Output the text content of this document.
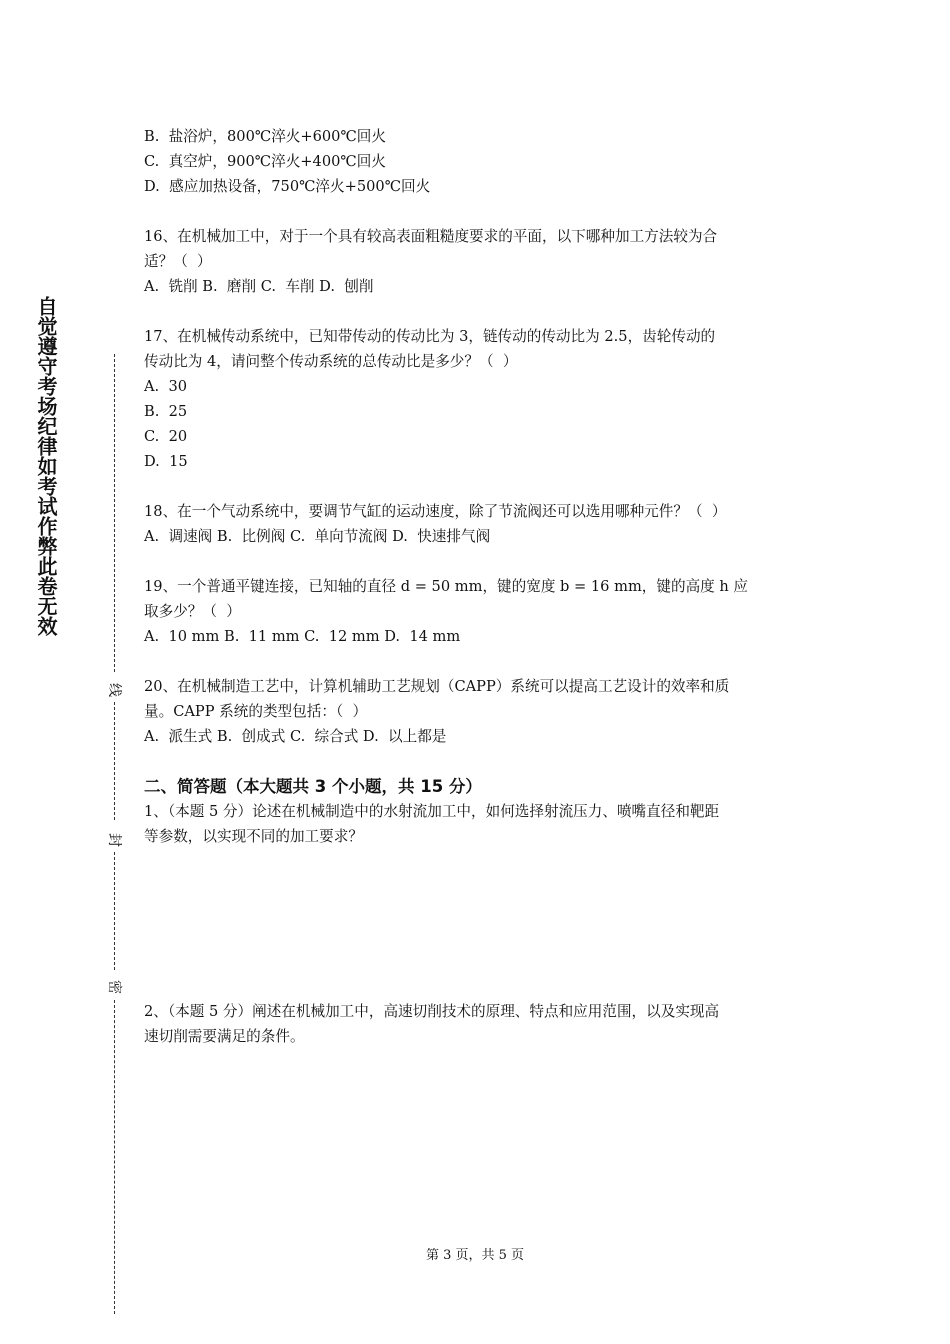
自觉遵守考场纪律如考试作弊此卷无效
线
封
密

B.  盐浴炉，800℃淬火+600℃回火

C.  真空炉，900℃淬火+400℃回火

D.  感应加热设备，750℃淬火+500℃回火

16、在机械加工中，对于一个具有较高表面粗糙度要求的平面，以下哪种加工方法较为合

适？（  ）

A.  铣削 B.  磨削 C.  车削 D.  刨削

17、在机械传动系统中，已知带传动的传动比为 3，链传动的传动比为 2.5，齿轮传动的

传动比为 4，请问整个传动系统的总传动比是多少？（  ）

A.  30

B.  25

C.  20

D.  15

18、在一个气动系统中，要调节气缸的运动速度，除了节流阀还可以选用哪种元件？（  ）

A.  调速阀 B.  比例阀 C.  单向节流阀 D.  快速排气阀

19、一个普通平键连接，已知轴的直径 d = 50 mm，键的宽度 b = 16 mm，键的高度 h 应

取多少？（  ）

A.  10 mm B.  11 mm C.  12 mm D.  14 mm

20、在机械制造工艺中，计算机辅助工艺规划（CAPP）系统可以提高工艺设计的效率和质

量。CAPP 系统的类型包括：（  ）

A.  派生式 B.  创成式 C.  综合式 D.  以上都是

二、简答题（本大题共 3 个小题，共 15 分）

1、（本题 5 分）论述在机械制造中的水射流加工中，如何选择射流压力、喷嘴直径和靶距

等参数，以实现不同的加工要求？

2、（本题 5 分）阐述在机械加工中，高速切削技术的原理、特点和应用范围，以及实现高

速切削需要满足的条件。

第 3 页，共 5 页
